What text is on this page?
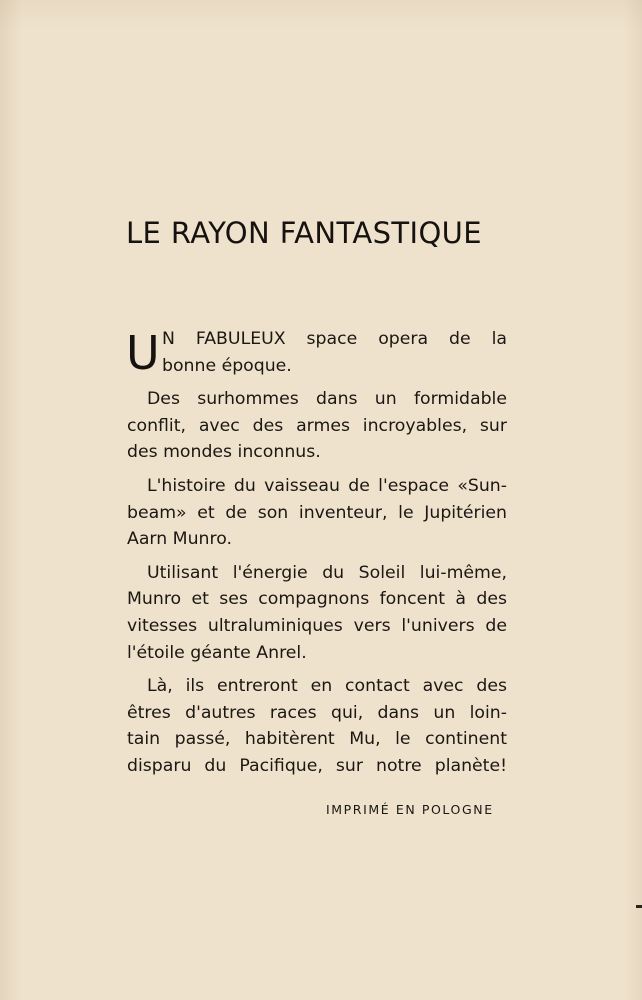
LE RAYON FANTASTIQUE
U N FABULEUX space opera de la
bonne époque.
Des surhommes dans un formidable
conflit, avec des armes incroyables, sur
des mondes inconnus.
L'histoire du vaisseau de l'espace «Sun-
beam» et de son inventeur, le Jupitérien
Aarn Munro.
Utilisant l'énergie du Soleil lui-même,
Munro et ses compagnons foncent à des
vitesses ultraluminiques vers l'univers de
l'étoile géante Anrel.
Là, ils entreront en contact avec des
êtres d'autres races qui, dans un loin-
tain passé, habitèrent Mu, le continent
disparu du Pacifique, sur notre planète!
IMPRIMÉ EN POLOGNE
